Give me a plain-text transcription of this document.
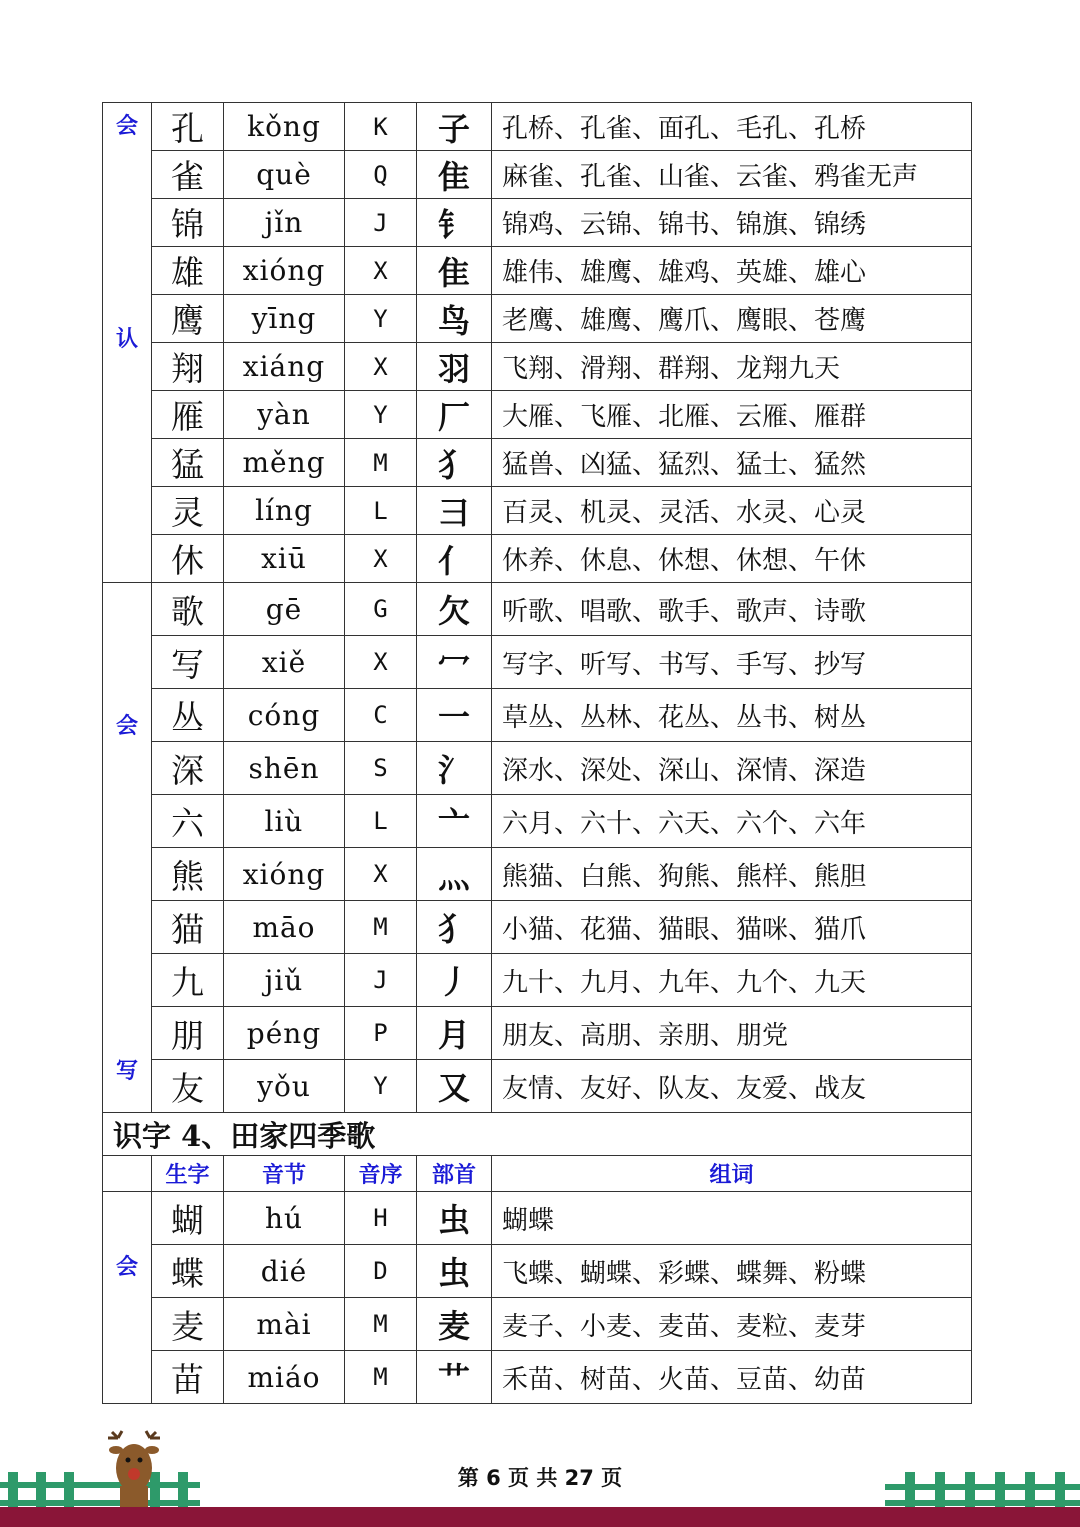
会
认	孔	kǒng	K	子	孔桥、孔雀、面孔、毛孔、孔桥
	雀	què	Q	隹	麻雀、孔雀、山雀、云雀、鸦雀无声
	锦	jǐn	J	钅	锦鸡、云锦、锦书、锦旗、锦绣
	雄	xióng	X	隹	雄伟、雄鹰、雄鸡、英雄、雄心
	鹰	yīng	Y	鸟	老鹰、雄鹰、鹰爪、鹰眼、苍鹰
	翔	xiáng	X	羽	飞翔、滑翔、群翔、龙翔九天
	雁	yàn	Y	厂	大雁、飞雁、北雁、云雁、雁群
	猛	měng	M	犭	猛兽、凶猛、猛烈、猛士、猛然
	灵	líng	L	彐	百灵、机灵、灵活、水灵、心灵
	休	xiū	X	亻	休养、休息、休想、休想、午休

会
写	歌	gē	G	欠	听歌、唱歌、歌手、歌声、诗歌
	写	xiě	X	冖	写字、听写、书写、手写、抄写
	丛	cóng	C	一	草丛、丛林、花丛、丛书、树丛
	深	shēn	S	氵	深水、深处、深山、深情、深造
	六	liù	L	亠	六月、六十、六天、六个、六年
	熊	xióng	X	灬	熊猫、白熊、狗熊、熊样、熊胆
	猫	māo	M	犭	小猫、花猫、猫眼、猫咪、猫爪
	九	jiǔ	J	丿	九十、九月、九年、九个、九天
	朋	péng	P	月	朋友、高朋、亲朋、朋党
	友	yǒu	Y	又	友情、友好、队友、友爱、战友
识字 4、田家四季歌					
	生字	音节	音序	部首	组词
会	蝴	hú	H	虫	蝴蝶
	蝶	dié	D	虫	飞蝶、蝴蝶、彩蝶、蝶舞、粉蝶
	麦	mài	M	麦	麦子、小麦、麦苗、麦粒、麦芽
	苗	miáo	M	艹	禾苗、树苗、火苗、豆苗、幼苗
第 6 页 共 27 页
